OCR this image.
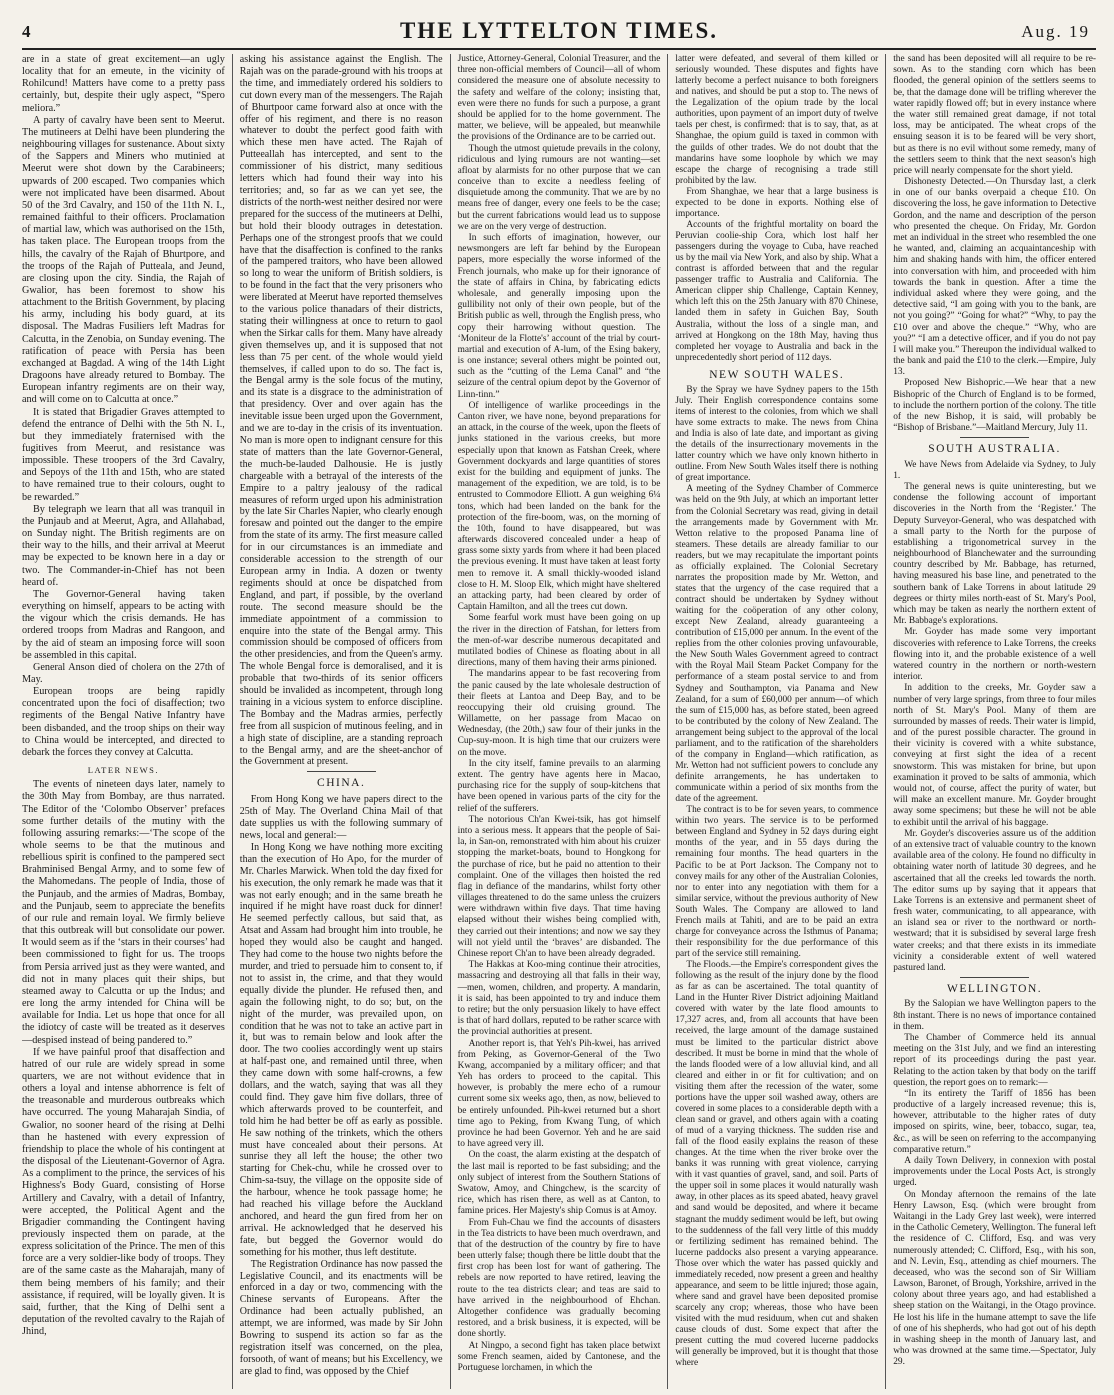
4	THE LYTTELTON TIMES.	Aug. 19

are in a state of great excitement—an ugly locality that for an emeute, in the vicinity of Rohilcund! Matters have come to a pretty pass certainly, but, despite their ugly aspect, “Spero meliora.”

A party of cavalry have been sent to Meerut. The mutineers at Delhi have been plundering the neighbouring villages for sustenance. About sixty of the Sappers and Miners who mutinied at Meerut were shot down by the Carabineers; upwards of 200 escaped. Two companies which were not implicated have been disarmed. About 50 of the 3rd Cavalry, and 150 of the 11th N. I., remained faithful to their officers. Proclamation of martial law, which was authorised on the 15th, has taken place. The European troops from the hills, the cavalry of the Rajah of Bhurtpore, and the troops of the Rajah of Putteala, and Jeund, are closing upon the city. Sindia, the Rajah of Gwalior, has been foremost to show his attachment to the British Government, by placing his army, including his body guard, at its disposal. The Madras Fusiliers left Madras for Calcutta, in the Zenobia, on Sunday evening. The ratification of peace with Persia has been exchanged at Bagdad. A wing of the 14th Light Dragoons have already retured to Bombay. The European infantry regiments are on their way, and will come on to Calcutta at once.”

It is stated that Brigadier Graves attempted to defend the entrance of Delhi with the 5th N. I., but they immediately fraternised with the fugitives from Meerut, and resistance was impossible. These troopers of the 3rd Cavalry, and Sepoys of the 11th and 15th, who are stated to have remained true to their colours, ought to be rewarded.”

By telegraph we learn that all was tranquil in the Punjaub and at Meerut, Agra, and Allahabad, on Sunday night. The British regiments are on their way to the hills, and their arrival at Meerut may be expected to be known here in a day or two. The Commander-in-Chief has not been heard of.

The Governor-General having taken everything on himself, appears to be acting with the vigour which the crisis demands. He has ordered troops from Madras and Rangoon, and by the aid of steam an imposing force will soon be assembled in this capital.

General Anson died of cholera on the 27th of May.

European troops are being rapidly concentrated upon the foci of disaffection; two regiments of the Bengal Native Infantry have been disbanded, and the troop ships on their way to China would be intercepted, and directed to debark the forces they convey at Calcutta.

LATER NEWS.

The events of nineteen days later, namely to the 30th May from Bombay, are thus narrated. The Editor of the ‘Colombo Observer’ prefaces some further details of the mutiny with the following assuring remarks:—‘The scope of the whole seems to be that the mutinous and rebellious spirit is confined to the pampered sect Brahminised Bengal Army, and to some few of the Mahomedans. The people of India, those of the Punjaub, and the armies of Madras, Bombay, and the Punjaub, seem to appreciate the benefits of our rule and remain loyal. We firmly believe that this outbreak will but consolidate our power. It would seem as if the ‘stars in their courses’ had been commissioned to fight for us. The troops from Persia arrived just as they were wanted, and did not in many places quit their ships, but steamed away to Calcutta or up the Indus; and ere long the army intended for China will be available for India. Let us hope that once for all the idiotcy of caste will be treated as it deserves—despised instead of being pandered to.”

If we have painful proof that disaffection and hatred of our rule are widely spread in some quarters, we are not without evidence that in others a loyal and intense abhorrence is felt of the treasonable and murderous outbreaks which have occurred. The young Maharajah Sindia, of Gwalior, no sooner heard of the rising at Delhi than he hastened with every expression of friendship to place the whole of his contingent at the disposal of the Lieutenant-Governor of Agra. As a compliment to the prince, the services of his Highness's Body Guard, consisting of Horse Artillery and Cavalry, with a detail of Infantry, were accepted, the Political Agent and the Brigadier commanding the Contingent having previously inspected them on parade, at the express solicitation of the Prince. The men of this force are a very soldier-like body of troops. They are of the same caste as the Maharajah, many of them being members of his family; and their assistance, if required, will be loyally given. It is said, further, that the King of Delhi sent a deputation of the revolted cavalry to the Rajah of Jhind,

asking his assistance against the English. The Rajah was on the parade-ground with his troops at the time, and immediately ordered his soldiers to cut down every man of the messengers. The Rajah of Bhurtpoor came forward also at once with the offer of his regiment, and there is no reason whatever to doubt the perfect good faith with which these men have acted. The Rajah of Putteeallah has intercepted, and sent to the commissioner of his district, many seditious letters which had found their way into his territories; and, so far as we can yet see, the districts of the north-west neither desired nor were prepared for the success of the mutineers at Delhi, but hold their bloody outrages in detestation. Perhaps one of the strongest proofs that we could have that the disaffection is confined to the ranks of the pampered traitors, who have been allowed so long to wear the uniform of British soldiers, is to be found in the fact that the very prisoners who were liberated at Meerut have reported themselves to the various police thanadars of their districts, stating their willingness at once to return to gaol when the Sirkar calls for them. Many have already given themselves up, and it is supposed that not less than 75 per cent. of the whole would yield themselves, if called upon to do so. The fact is, the Bengal army is the sole focus of the mutiny, and its state is a disgrace to the administration of that presidency. Over and over again has the inevitable issue been urged upon the Government, and we are to-day in the crisis of its inventuation. No man is more open to indignant censure for this state of matters than the late Governor-General, the much-be-lauded Dalhousie. He is justly chargeable with a betrayal of the interests of the Empire to a paltry jealousy of the radical measures of reform urged upon his administration by the late Sir Charles Napier, who clearly enough foresaw and pointed out the danger to the empire from the state of its army. The first measure called for in our circumstances is an immediate and considerable accession to the strength of our European army in India. A dozen or twenty regiments should at once be dispatched from England, and part, if possible, by the overland route. The second measure should be the immediate appointment of a commission to enquire into the state of the Bengal army. This commission should be composed of officers from the other presidencies, and from the Queen's army. The whole Bengal force is demoralised, and it is probable that two-thirds of its senior officers should be invalided as incompetent, through long training in a vicious system to enforce discipline. The Bombay and the Madras armies, perfectly free from all suspicion of mutinous feeling, and in a high state of discipline, are a standing reproach to the Bengal army, and are the sheet-anchor of the Government at present.

CHINA.

From Hong Kong we have papers direct to the 25th of May. The Overland China Mail of that date supplies us with the following summary of news, local and general:—

In Hong Kong we have nothing more exciting than the execution of Ho Apo, for the murder of Mr. Charles Marwick. When told the day fixed for his execution, the only remark he made was that it was not early enough; and in the same breath he inquired if he might have roast duck for dinner! He seemed perfectly callous, but said that, as Atsat and Assam had brought him into trouble, he hoped they would also be caught and hanged. They had come to the house two nights before the murder, and tried to persuade him to consent to, if not to assist in, the crime, and that they would equally divide the plunder. He refused then, and again the following night, to do so; but, on the night of the murder, was prevailed upon, on condition that he was not to take an active part in it, but was to remain below and look after the door. The two coolies accordingly went up stairs at half-past one, and remained until three, when they came down with some half-crowns, a few dollars, and the watch, saying that was all they could find. They gave him five dollars, three of which afterwards proved to be counterfeit, and told him he had better be off as early as possible. He saw nothing of the trinkets, which the others must have concealed about their persons. At sunrise they all left the house; the other two starting for Chek-chu, while he crossed over to Chim-sa-tsuy, the village on the opposite side of the harbour, whence he took passage home; he had reached his village before the Auckland anchored, and heard the gun fired from her on arrival. He acknowledged that he deserved his fate, but begged the Governor would do something for his mother, thus left destitute.

The Registration Ordinance has now passed the Legislative Council, and its enactments will be enforced in a day or two, commencing with the Chinese servants of Europeans. After the Ordinance had been actually published, an attempt, we are informed, was made by Sir John Bowring to suspend its action so far as the registration itself was concerned, on the plea, forsooth, of want of means; but his Excellency, we are glad to find, was opposed by the Chief

Justice, Attorney-General, Colonial Treasurer, and the three non-official members of Council—all of whom considered the measure one of absolute necessity to the safety and welfare of the colony; insisting that, even were there no funds for such a purpose, a grant should be applied for to the home government. The matter, we believe, will be appealed, but meanwhile the provisions of the Ordinance are to be carried out.

Though the utmost quietude prevails in the colony, ridiculous and lying rumours are not wanting—set afloat by alarmists for no other purpose that we can conceive than to excite a needless feeling of disquietude among the community. That we are by no means free of danger, every one feels to be the case; but the current fabrications would lead us to suppose we are on the very verge of destruction.

In such efforts of imagination, however, our newsmongers are left far behind by the European papers, more especially the worse informed of the French journals, who make up for their ignorance of the state of affairs in China, by fabricating edicts wholesale, and generally imposing upon the gullibility not only of their own people, but of the British public as well, through the English press, who copy their harrowing without question. The ‘Moniteur de la Flotte's’ account of the trial by court-martial and execution of A-lum, of the Esing bakery, is one instance; several others might be pointed out, such as the “cutting of the Lema Canal” and “the seizure of the central opium depot by the Governor of Linn-tinn.”

Of intelligence of warlike proceedings in the Canton river, we have none, beyond preparations for an attack, in the course of the week, upon the fleets of junks stationed in the various creeks, but more especially upon that known as Fatshan Creek, where Government dockyards and large quantities of stores exist for the building and equipment of junks. The management of the expedition, we are told, is to be entrusted to Commodore Elliott. A gun weighing 6¼ tons, which had been landed on the bank for the protection of the fire-boom, was, on the morning of the 10th, found to have disappeared, but was afterwards discovered concealed under a heap of grass some sixty yards from where it had been placed the previous evening. It must have taken at least forty men to remove it. A small thickly-wooded island close to H. M. Sloop Elk, which might have sheltered an attacking party, had been cleared by order of Captain Hamilton, and all the trees cut down.

Some fearful work must have been going on up the river in the direction of Fatshan, for letters from the men-of-war describe numerous decapitated and mutilated bodies of Chinese as floating about in all directions, many of them having their arms pinioned.

The mandarins appear to be fast recovering from the panic caused by the late wholesale destruction of their fleets at Lantoa and Deep Bay, and to be reoccupying their old cruising ground. The Willamette, on her passage from Macao on Wednesday, (the 20th,) saw four of their junks in the Cup-suy-moon. It is high time that our cruizers were on the move.

In the city itself, famine prevails to an alarming extent. The gentry have agents here in Macao, purchasing rice for the supply of soup-kitchens that have been opened in various parts of the city for the relief of the sufferers.

The notorious Ch'an Kwei-tsik, has got himself into a serious mess. It appears that the people of Sai-la, in San-on, remonstrated with him about his cruizer stopping the market-boats, bound to Hongkong for the purchase of rice, but he paid no attention to their complaint. One of the villages then hoisted the red flag in defiance of the mandarins, whilst forty other villages threatened to do the same unless the cruizers were withdrawn within five days. That time having elapsed without their wishes being complied with, they carried out their intentions; and now we say they will not yield until the ‘braves’ are disbanded. The Chinese report Ch'an to have been already degraded.

The Hakkas at Koo-ming continue their atrocities, massacring and destroying all that falls in their way,—men, women, children, and property. A mandarin, it is said, has been appointed to try and induce them to retire; but the only persuasion likely to have effect is that of hard dollars, reputed to be rather scarce with the provincial authorities at present.

Another report is, that Yeh's Pih-kwei, has arrived from Peking, as Governor-General of the Two Kwang, accompanied by a military officer; and that Yeh has orders to proceed to the capital. This however, is probably the mere echo of a rumour current some six weeks ago, then, as now, believed to be entirely unfounded. Pih-kwei returned but a short time ago to Peking, from Kwang Tung, of which province he had been Governor. Yeh and he are said to have agreed very ill.

On the coast, the alarm existing at the despatch of the last mail is reported to be fast subsiding; and the only subject of interest from the Southern Stations of Swatow, Amoy, and Chingchew, is the scarcity of rice, which has risen there, as well as at Canton, to famine prices. Her Majesty's ship Comus is at Amoy.

From Fuh-Chau we find the accounts of disasters in the Tea districts to have been much overdrawn, and that of the destruction of the country by fire to have been utterly false; though there be little doubt that the first crop has been lost for want of gathering. The rebels are now reported to have retired, leaving the route to the tea districts clear; and teas are said to have arrived in the neighbourhood of Ehchan. Altogether confidence was gradually becoming restored, and a brisk business, it is expected, will be done shortly.

At Ningpo, a second fight has taken place betwixt some French seamen, aided by Cantonese, and the Portuguese lorchamen, in which the

latter were defeated, and several of them killed or seriously wounded. These disputes and fights have latterly become a perfect nuisance to both foreigners and natives, and should be put a stop to. The news of the Legalization of the opium trade by the local authorities, upon payment of an import duty of twelve taels per chest, is confirmed: that is to say, that, as at Shanghae, the opium guild is taxed in common with the guilds of other trades. We do not doubt that the mandarins have some loophole by which we may escape the charge of recognising a trade still prohibited by the law.

From Shanghae, we hear that a large business is expected to be done in exports. Nothing else of importance.

Accounts of the frightful mortality on board the Peruvian coolie-ship Cora, which lost half her passengers during the voyage to Cuba, have reached us by the mail via New York, and also by ship. What a contrast is afforded between that and the regular passenger traffic to Australia and California. The American clipper ship Challenge, Captain Kenney, which left this on the 25th January with 870 Chinese, landed them in safety in Guichen Bay, South Australia, without the loss of a single man, and arrived at Hongkong on the 18th May, having thus completed her voyage to Australia and back in the unprecedentedly short period of 112 days.

NEW SOUTH WALES.

By the Spray we have Sydney papers to the 15th July. Their English correspondence contains some items of interest to the colonies, from which we shall have some extracts to make. The news from China and India is also of late date, and important as giving the details of the insurrectionary movements in the latter country which we have only known hitherto in outline. From New South Wales itself there is nothing of great importance.

A meeting of the Sydney Chamber of Commerce was held on the 9th July, at which an important letter from the Colonial Secretary was read, giving in detail the arrangements made by Government with Mr. Wetton relative to the proposed Panama line of steamers. These details are already familiar to our readers, but we may recapitulate the important points as officially explained. The Colonial Secretary narrates the proposition made by Mr. Wetton, and states that the urgency of the case required that a contract should be undertaken by Sydney without waiting for the coöperation of any other colony, except New Zealand, already guaranteeing a contribution of £15,000 per annum. In the event of the replies from the other colonies proving unfavourable, the New South Wales Government agreed to contract with the Royal Mail Steam Packet Company for the performance of a steam postal service to and from Sydney and Southampton, via Panama and New Zealand, for a sum of £60,000 per annum—of which the sum of £15,000 has, as before stated, been agreed to be contributed by the colony of New Zealand. The arrangement being subject to the approval of the local parliament, and to the ratification of the shareholders of the company in England—which ratification, as Mr. Wetton had not sufficient powers to conclude any definite arrangements, he has undertaken to communicate within a period of six months from the date of the agreement.

The contract is to be for seven years, to commence within two years. The service is to be performed between England and Sydney in 52 days during eight months of the year, and in 55 days during the remaining four months. The head quarters in the Pacific to be at Port Jackson. The Company not to convey mails for any other of the Australian Colonies, nor to enter into any negotiation with them for a similar service, without the previous authority of New South Wales. The Company are allowed to land French mails at Tahiti, and are to be paid an extra charge for conveyance across the Isthmus of Panama; their responsibility for the due performance of this part of the service still remaining.

The Floods.—the Empire's correspondent gives the following as the result of the injury done by the flood as far as can be ascertained. The total quantity of Land in the Hunter River District adjoining Maitland covered with water by the late flood amounts to 17,327 acres, and, from all accounts that have been received, the large amount of the damage sustained must be limited to the particular district above described. It must be borne in mind that the whole of the lands flooded were of a low alluvial kind, and all cleared and either in or fit for cultivation; and on visiting them after the recession of the water, some portions have the upper soil washed away, others are covered in some places to a considerable depth with a clean sand or gravel, and others again with a coating of mud of a varying thickness. The sudden rise and fall of the flood easily explains the reason of these changes. At the time when the river broke over the banks it was running with great violence, carrying with it vast quanties of gravel, sand, and soil. Parts of the upper soil in some places it would naturally wash away, in other places as its speed abated, heavy gravel and sand would be deposited, and where it became stagnant the muddy sediment would be left, but owing to the suddenness of the fall very little of this muddy or fertilizing sediment has remained behind. The lucerne paddocks also present a varying appearance. Those over which the water has passed quickly and immediately receded, now present a green and healthy appearance, and seem to be little injured; those again, where sand and gravel have been deposited promise scarcely any crop; whereas, those who have been visited with the mud residuum, when cut and shaken cause clouds of dust. Some expect that after the present cutting the mud covered lucerne paddocks will generally be improved, but it is thought that those where

the sand has been deposited will all require to be re-sown. As to the standing corn which has been flooded, the general opinion of the settlers seems to be, that the damage done will be trifling wherever the water rapidly flowed off; but in every instance where the water still remained great damage, if not total loss, may be anticipated. The wheat crops of the ensuing season it is to be feared will be very short, but as there is no evil without some remedy, many of the settlers seem to think that the next season's high price will nearly compensate for the short yield.

Dishonesty Detected.—On Thursday last, a clerk in one of our banks overpaid a cheque £10. On discovering the loss, he gave information to Detective Gordon, and the name and description of the person who presented the cheque. On Friday, Mr. Gordon met an individual in the street who resembled the one he wanted, and, claiming an acquaintanceship with him and shaking hands with him, the officer entered into conversation with him, and proceeded with him towards the bank in question. After a time the individual asked where they were going, and the detective said, “I am going with you to the bank, are not you going?” “Going for what?” “Why, to pay the £10 over and above the cheque.” “Why, who are you?” “I am a detective officer, and if you do not pay I will make you.” Thereupon the individual walked to the bank and paid the £10 to the clerk.—Empire, July 13.

Proposed New Bishopric.—We hear that a new Bishopric of the Church of England is to be formed, to include the northern portion of the colony. The title of the new Bishop, it is said, will probably be “Bishop of Brisbane.”—Maitland Mercury, July 11.

SOUTH AUSTRALIA.

We have News from Adelaide via Sydney, to July 1.

The general news is quite uninteresting, but we condense the following account of important discoveries in the North from the ‘Register.’ The Deputy Surveyor-General, who was despatched with a small party to the North for the purpose of establishing a trigonometrical survey in the neighbourhood of Blanchewater and the surrounding country described by Mr. Babbage, has returned, having measured his base line, and penetrated to the southern bank of Lake Torrens in about latitude 29 degrees or thirty miles north-east of St. Mary's Pool, which may be taken as nearly the northern extent of Mr. Babbage's explorations.

Mr. Goyder has made some very important discoveries with reference to Lake Torrens, the creeks flowing into it, and the probable existence of a well watered country in the northern or north-western interior.

In addition to the creeks, Mr. Goyder saw a number of very large springs, from three to four miles north of St. Mary's Pool. Many of them are surrounded by masses of reeds. Their water is limpid, and of the purest possible character. The ground in their vicinity is covered with a white substance, conveying at first sight the idea of a recent snowstorm. This was mistaken for brine, but upon examination it proved to be salts of ammonia, which would not, of course, affect the purity of water, but will make an excellent manure. Mr. Goyder brought away some specimens; but these he will not be able to exhibit until the arrival of his baggage.

Mr. Goyder's discoveries assure us of the addition of an extensive tract of valuable country to the known available area of the colony. He found no difficulty in obtaining water north of latitude 30 degrees, and he ascertained that all the creeks led towards the north. The editor sums up by saying that it appears that Lake Torrens is an extensive and permanent sheet of fresh water, communicating, to all appearance, with an island sea or river to the northward or north-westward; that it is subsidised by several large fresh water creeks; and that there exists in its immediate vicinity a considerable extent of well watered pastured land.

WELLINGTON.

By the Salopian we have Wellington papers to the 8th instant. There is no news of importance contained in them.

The Chamber of Commerce held its annual meeting on the 31st July, and we find an interesting report of its proceedings during the past year. Relating to the action taken by that body on the tariff question, the report goes on to remark:—

“In its entirety the Tariff of 1856 has been productive of a largely increased revenue; this is, however, attributable to the higher rates of duty imposed on spirits, wine, beer, tobacco, sugar, tea, &c., as will be seen on referring to the accompanying comparative return.”

A daily Town Delivery, in connexion with postal improvements under the Local Posts Act, is strongly urged.

On Monday afternoon the remains of the late Henry Lawson, Esq. (which were brought from Waitangi in the Lady Grey last week), were interred in the Catholic Cemetery, Wellington. The funeral left the residence of C. Clifford, Esq. and was very numerously attended; C. Clifford, Esq., with his son, and N. Levin, Esq., attending as chief mourners. The deceased, who was the second son of Sir William Lawson, Baronet, of Brough, Yorkshire, arrived in the colony about three years ago, and had established a sheep station on the Waitangi, in the Otago province. He lost his life in the humane attempt to save the life of one of his shepherds, who had got out of his depth in washing sheep in the month of January last, and who was drowned at the same time.—Spectator, July 29.
